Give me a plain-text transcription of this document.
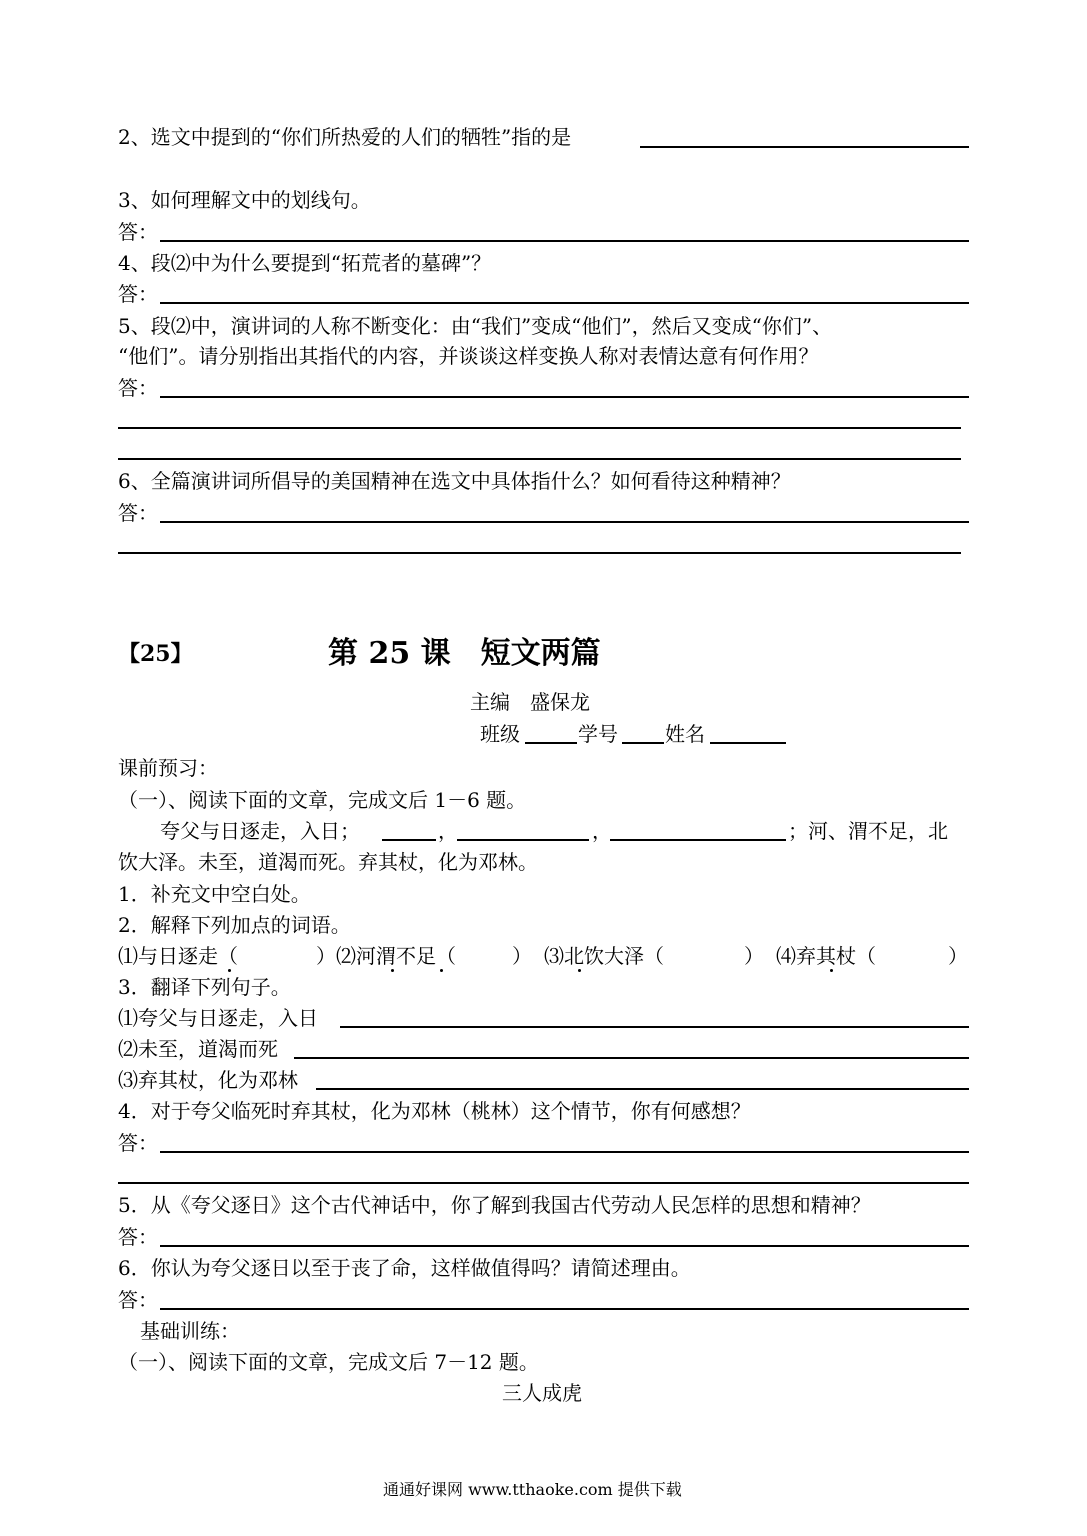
2、选文中提到的“你们所热爱的人们的牺牲”指的是
3、如何理解文中的划线句。
答：
4、段⑵中为什么要提到“拓荒者的墓碑”？
答：
5、段⑵中，演讲词的人称不断变化：由“我们”变成“他们”，然后又变成“你们”、
“他们”。请分别指出其指代的内容，并谈谈这样变换人称对表情达意有何作用？
答：
6、全篇演讲词所倡导的美国精神在选文中具体指什么？如何看待这种精神？
答：
【25】	第 25 课　短文两篇
主编　盛保龙
班级	学号 姓名
课前预习：
（一）、阅读下面的文章，完成文后 1－6 题。
夸父与日逐走，入日；	，	，	；河、渭不足，北
饮大泽。未至，道渴而死。弃其杖，化为邓林。
1．补充文中空白处。
2．解释下列加点的词语。
⑴与日逐走（	）⑵河渭不足（	） ⑶北饮大泽（	） ⑷弃其杖（	）
3．翻译下列句子。
⑴夸父与日逐走，入日
⑵未至，道渴而死
⑶弃其杖，化为邓林
4．对于夸父临死时弃其杖，化为邓林（桃林）这个情节，你有何感想？
答：
5．从《夸父逐日》这个古代神话中，你了解到我国古代劳动人民怎样的思想和精神？
答：
6．你认为夸父逐日以至于丧了命，这样做值得吗？请简述理由。
答：
基础训练：
（一）、阅读下面的文章，完成文后 7－12 题。
三人成虎
通通好课网 www.tthaoke.com 提供下载
